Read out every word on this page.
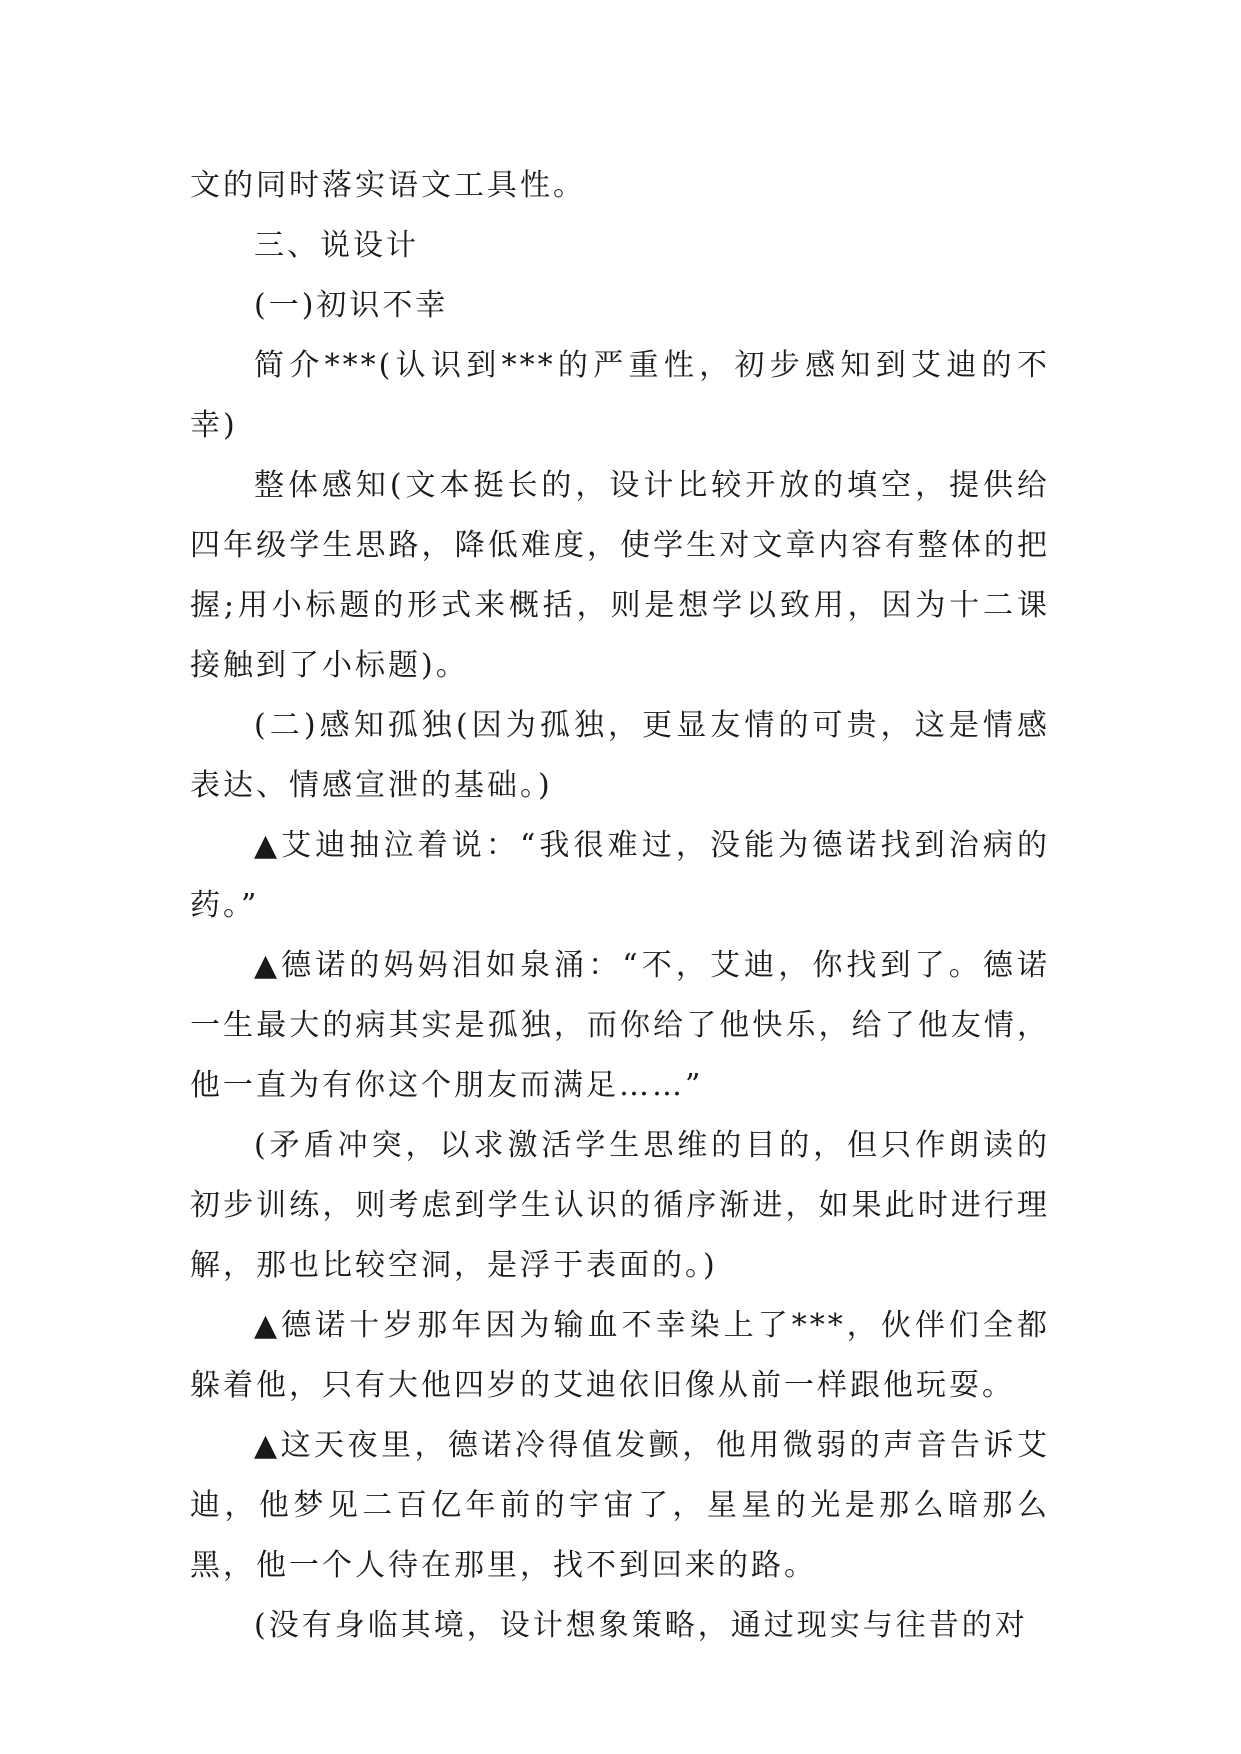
文的同时落实语文工具性。

三、说设计

(一)初识不幸

简介***(认识到***的严重性，初步感知到艾迪的不幸)

整体感知(文本挺长的，设计比较开放的填空，提供给四年级学生思路，降低难度，使学生对文章内容有整体的把握;用小标题的形式来概括，则是想学以致用，因为十二课接触到了小标题)。

(二)感知孤独(因为孤独，更显友情的可贵，这是情感表达、情感宣泄的基础。)

▲艾迪抽泣着说：“我很难过，没能为德诺找到治病的药。”

▲德诺的妈妈泪如泉涌：“不，艾迪，你找到了。德诺一生最大的病其实是孤独，而你给了他快乐，给了他友情，他一直为有你这个朋友而满足……”

(矛盾冲突，以求激活学生思维的目的，但只作朗读的初步训练，则考虑到学生认识的循序渐进，如果此时进行理解，那也比较空洞，是浮于表面的。)

▲德诺十岁那年因为输血不幸染上了***，伙伴们全都躲着他，只有大他四岁的艾迪依旧像从前一样跟他玩耍。

▲这天夜里，德诺冷得值发颤，他用微弱的声音告诉艾迪，他梦见二百亿年前的宇宙了，星星的光是那么暗那么黑，他一个人待在那里，找不到回来的路。

(没有身临其境，设计想象策略，通过现实与往昔的对
